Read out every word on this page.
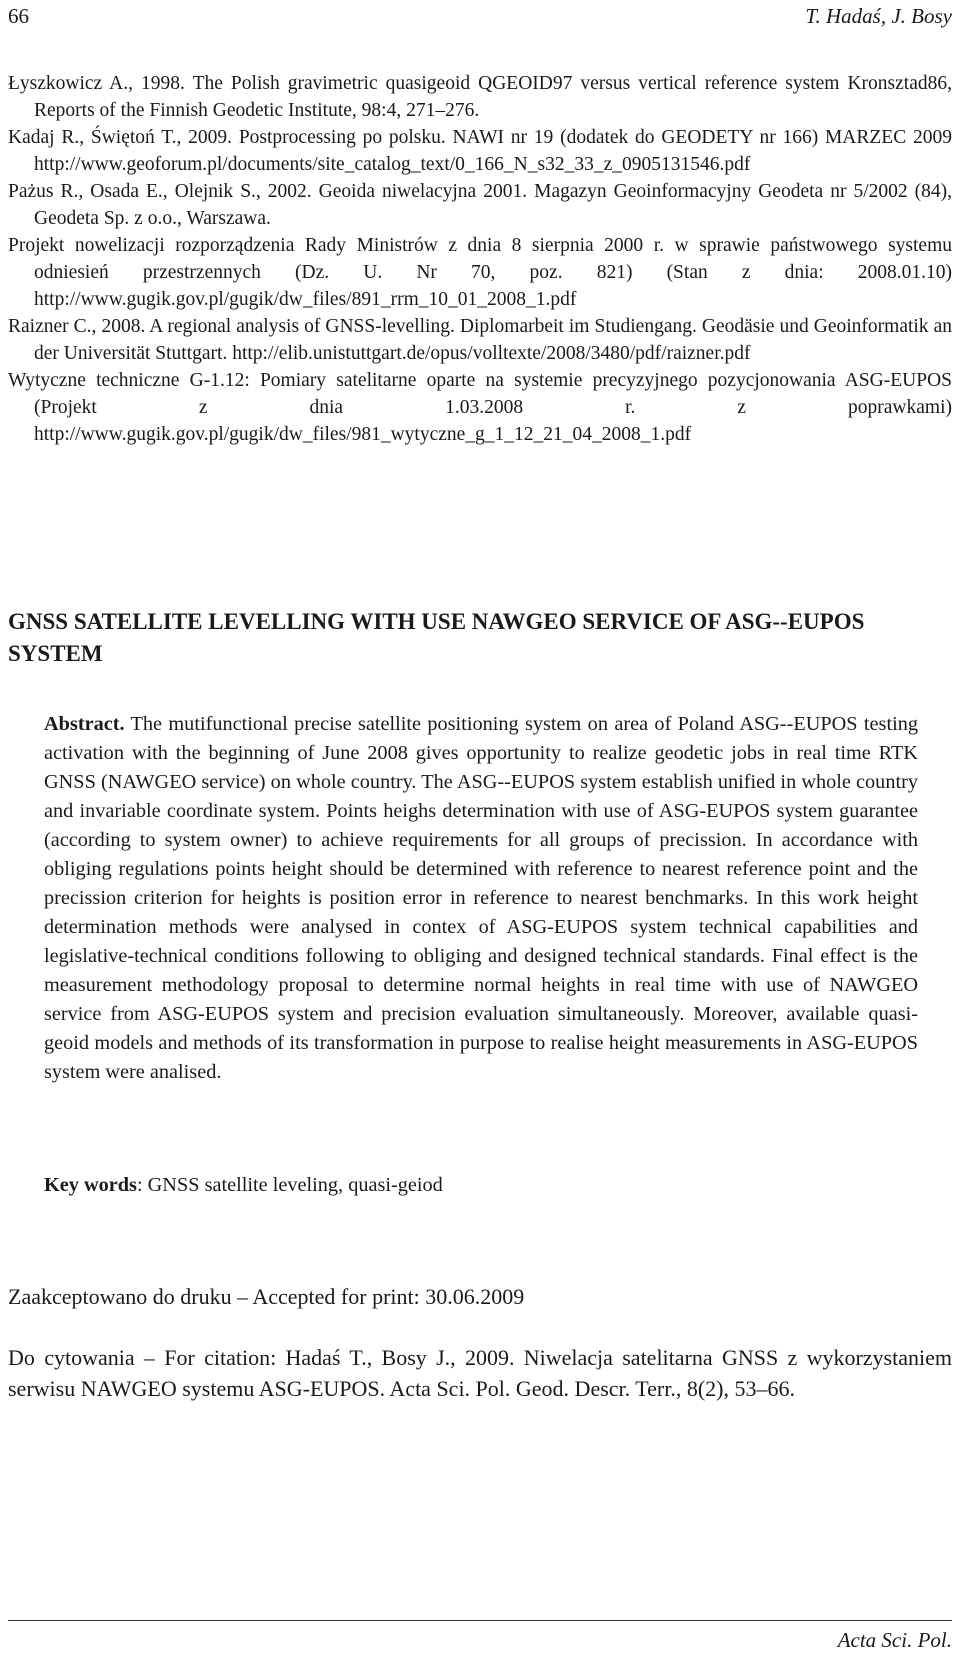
66	T. Hadaś, J. Bosy

Łyszkowicz A., 1998. The Polish gravimetric quasigeoid QGEOID97 versus vertical reference system Kronsztad86, Reports of the Finnish Geodetic Institute, 98:4, 271–276.

Kadaj R., Świętoń T., 2009. Postprocessing po polsku. NAWI nr 19 (dodatek do GEODETY nr 166) MARZEC 2009 http://www.geoforum.pl/documents/site_catalog_text/0_166_N_s32_33_z_0905131546.pdf

Pażus R., Osada E., Olejnik S., 2002. Geoida niwelacyjna 2001. Magazyn Geoinformacyjny Geodeta nr 5/2002 (84), Geodeta Sp. z o.o., Warszawa.

Projekt nowelizacji rozporządzenia Rady Ministrów z dnia 8 sierpnia 2000 r. w sprawie państwowego systemu odniesień przestrzennych (Dz. U. Nr 70, poz. 821) (Stan z dnia: 2008.01.10) http://www.gugik.gov.pl/gugik/dw_files/891_rrm_10_01_2008_1.pdf

Raizner C., 2008. A regional analysis of GNSS-levelling. Diplomarbeit im Studiengang. Geodäsie und Geoinformatik an der Universität Stuttgart. http://elib.unistuttgart.de/opus/volltexte/2008/3480/pdf/raizner.pdf

Wytyczne techniczne G-1.12: Pomiary satelitarne oparte na systemie precyzyjnego pozycjonowania ASG-EUPOS (Projekt z dnia 1.03.2008 r. z poprawkami) http://www.gugik.gov.pl/gugik/dw_files/981_wytyczne_g_1_12_21_04_2008_1.pdf

GNSS SATELLITE LEVELLING WITH USE NAWGEO SERVICE OF ASG--EUPOS SYSTEM

Abstract. The mutifunctional precise satellite positioning system on area of Poland ASG--EUPOS testing activation with the beginning of June 2008 gives opportunity to realize geodetic jobs in real time RTK GNSS (NAWGEO service) on whole country. The ASG--EUPOS system establish unified in whole country and invariable coordinate system. Points heighs determination with use of ASG-EUPOS system guarantee (according to system owner) to achieve requirements for all groups of precission. In accordance with obliging regulations points height should be determined with reference to nearest reference point and the precission criterion for heights is position error in reference to nearest benchmarks. In this work height determination methods were analysed in contex of ASG-EUPOS system technical capabilities and legislative-technical conditions following to obliging and designed technical standards. Final effect is the measurement methodology proposal to determine normal heights in real time with use of NAWGEO service from ASG-EUPOS system and precision evaluation simultaneously. Moreover, available quasi-geoid models and methods of its transformation in purpose to realise height measurements in ASG-EUPOS system were analised.

Key words: GNSS satellite leveling, quasi-geiod

Zaakceptowano do druku – Accepted for print: 30.06.2009

Do cytowania – For citation: Hadaś T., Bosy J., 2009. Niwelacja satelitarna GNSS z wykorzystaniem serwisu NAWGEO systemu ASG-EUPOS. Acta Sci. Pol. Geod. Descr. Terr., 8(2), 53–66.

Acta Sci. Pol.
